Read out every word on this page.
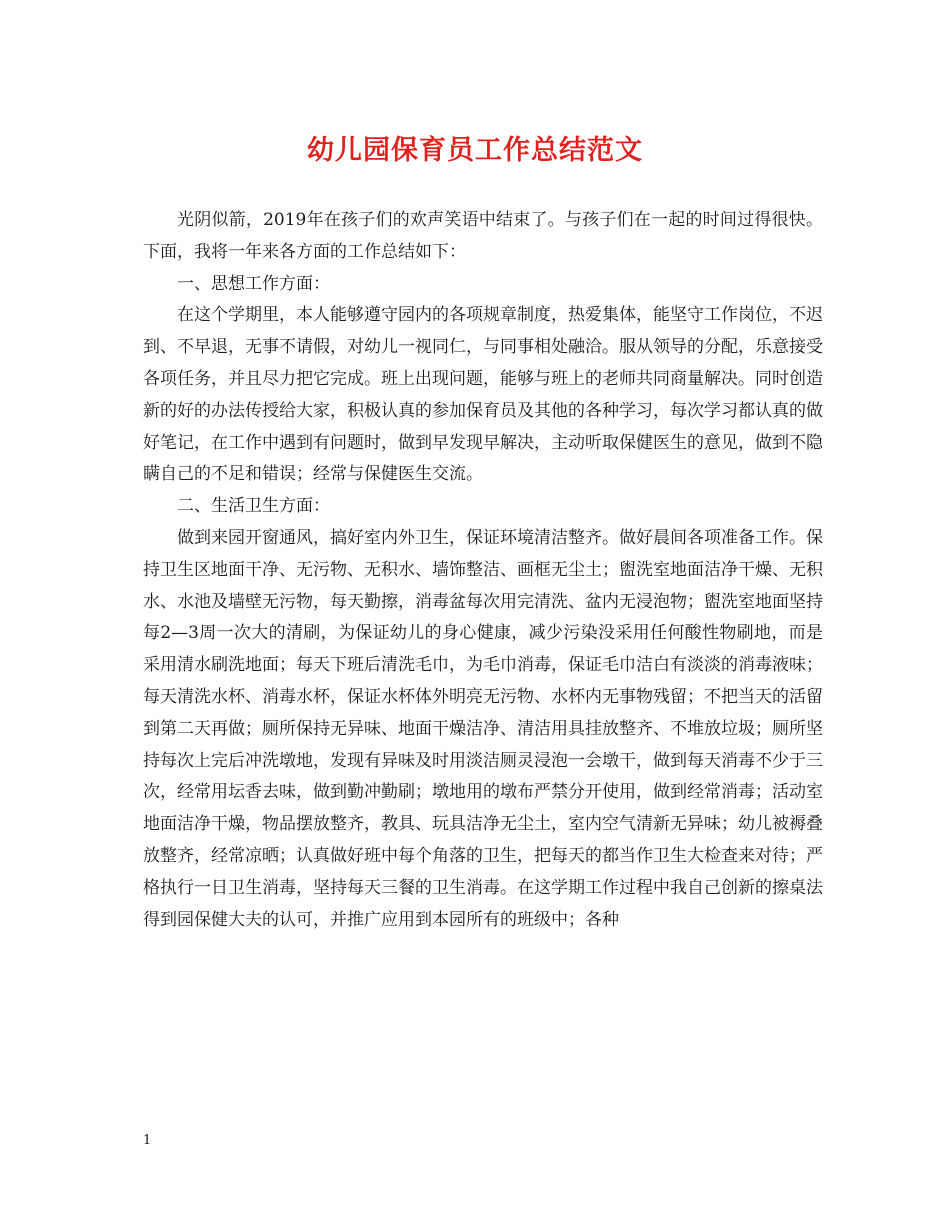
幼儿园保育员工作总结范文

光阴似箭，2019年在孩子们的欢声笑语中结束了。与孩子们在一起的时间过得很快。下面，我将一年来各方面的工作总结如下：

一、思想工作方面：

在这个学期里，本人能够遵守园内的各项规章制度，热爱集体，能坚守工作岗位，不迟到、不早退，无事不请假，对幼儿一视同仁，与同事相处融洽。服从领导的分配，乐意接受各项任务，并且尽力把它完成。班上出现问题，能够与班上的老师共同商量解决。同时创造新的好的办法传授给大家，积极认真的参加保育员及其他的各种学习，每次学习都认真的做好笔记，在工作中遇到有问题时，做到早发现早解决，主动听取保健医生的意见，做到不隐瞒自己的不足和错误；经常与保健医生交流。

二、生活卫生方面：

做到来园开窗通风，搞好室内外卫生，保证环境清洁整齐。做好晨间各项准备工作。保持卫生区地面干净、无污物、无积水、墙饰整洁、画框无尘土；盥洗室地面洁净干燥、无积水、水池及墙壁无污物，每天勤擦，消毒盆每次用完清洗、盆内无浸泡物；盥洗室地面坚持每2—3周一次大的清刷，为保证幼儿的身心健康，减少污染没采用任何酸性物刷地，而是采用清水刷洗地面；每天下班后清洗毛巾，为毛巾消毒，保证毛巾洁白有淡淡的消毒液味；每天清洗水杯、消毒水杯，保证水杯体外明亮无污物、水杯内无事物残留；不把当天的活留到第二天再做；厕所保持无异味、地面干燥洁净、清洁用具挂放整齐、不堆放垃圾；厕所坚持每次上完后冲洗墩地，发现有异味及时用淡洁厕灵浸泡一会墩干，做到每天消毒不少于三次，经常用坛香去味，做到勤冲勤刷；墩地用的墩布严禁分开使用，做到经常消毒；活动室地面洁净干燥，物品摆放整齐，教具、玩具洁净无尘土，室内空气清新无异味；幼儿被褥叠放整齐，经常凉晒；认真做好班中每个角落的卫生，把每天的都当作卫生大检查来对待；严格执行一日卫生消毒，坚持每天三餐的卫生消毒。在这学期工作过程中我自己创新的擦桌法得到园保健大夫的认可，并推广应用到本园所有的班级中；各种

1
